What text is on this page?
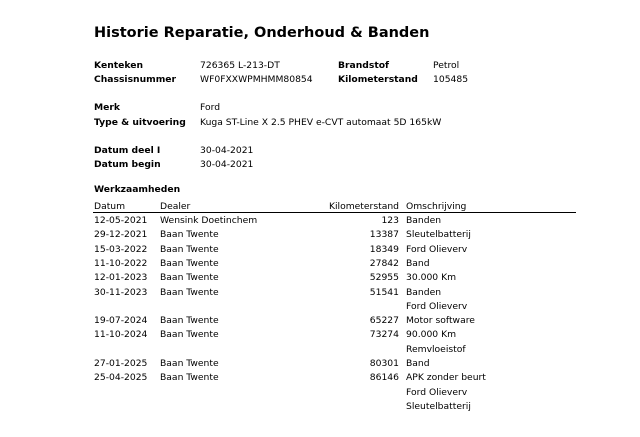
Historie Reparatie, Onderhoud & Banden
Kenteken	726365 L-213-DT	Brandstof	Petrol
Chassisnummer	WF0FXXWPMHMM80854	Kilometerstand 105485
Merk	Ford
Type & uitvoering Kuga ST-Line X 2.5 PHEV e-CVT automaat 5D 165kW
Datum deel I	30-04-2021
Datum begin	30-04-2021
Werkzaamheden
Datum	Dealer	Kilometerstand Omschrijving
12-05-2021 Wensink Doetinchem	123 Banden
29-12-2021 Baan Twente	13387 Sleutelbatterij
15-03-2022 Baan Twente	18349 Ford Olieverv
11-10-2022 Baan Twente	27842 Band
12-01-2023 Baan Twente	52955 30.000 Km
30-11-2023 Baan Twente	51541 Banden
Ford Olieverv
19-07-2024 Baan Twente	65227 Motor software
11-10-2024 Baan Twente	73274 90.000 Km
Remvloeistof
27-01-2025 Baan Twente	80301 Band
25-04-2025 Baan Twente	86146 APK zonder beurt
Ford Olieverv
Sleutelbatterij
